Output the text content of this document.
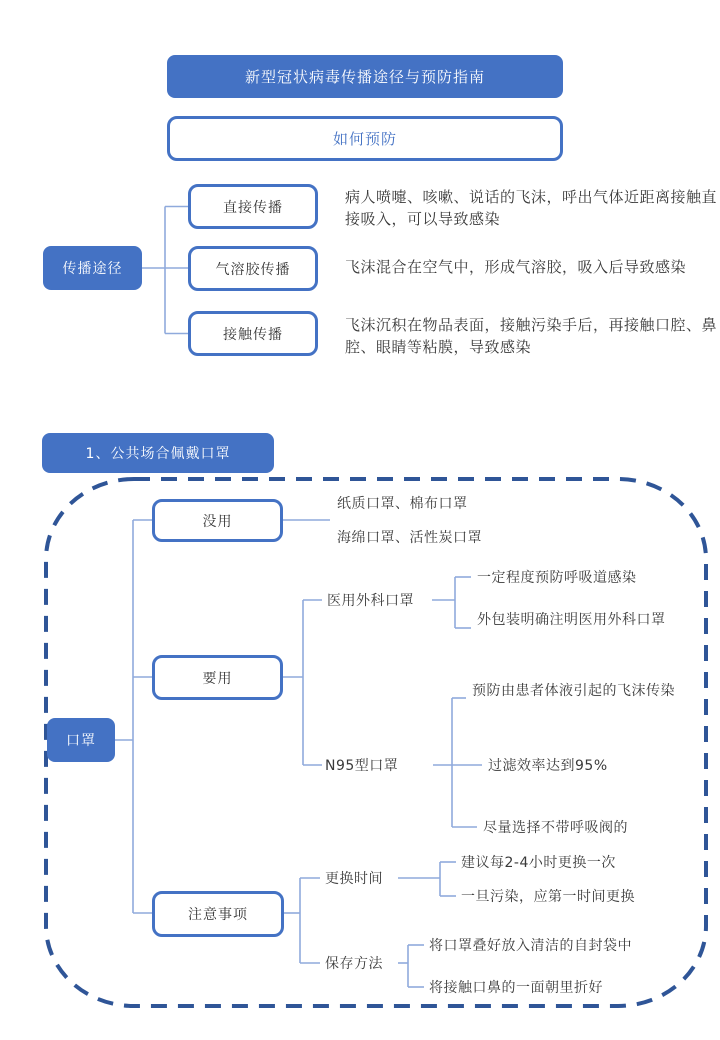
新型冠状病毒传播途径与预防指南
如何预防
传播途径
直接传播
气溶胶传播
接触传播
病人喷嚏、咳嗽、说话的飞沫，呼出气体近距离接触直接吸入，可以导致感染
飞沫混合在空气中，形成气溶胶，吸入后导致感染
飞沫沉积在物品表面，接触污染手后，再接触口腔、鼻腔、眼睛等粘膜，导致感染
1、公共场合佩戴口罩
口罩
没用
纸质口罩、棉布口罩
海绵口罩、活性炭口罩
要用
医用外科口罩
一定程度预防呼吸道感染
外包装明确注明医用外科口罩
N95型口罩
预防由患者体液引起的飞沫传染
过滤效率达到95%
尽量选择不带呼吸阀的
注意事项
更换时间
建议每2-4小时更换一次
一旦污染，应第一时间更换
保存方法
将口罩叠好放入清洁的自封袋中
将接触口鼻的一面朝里折好
